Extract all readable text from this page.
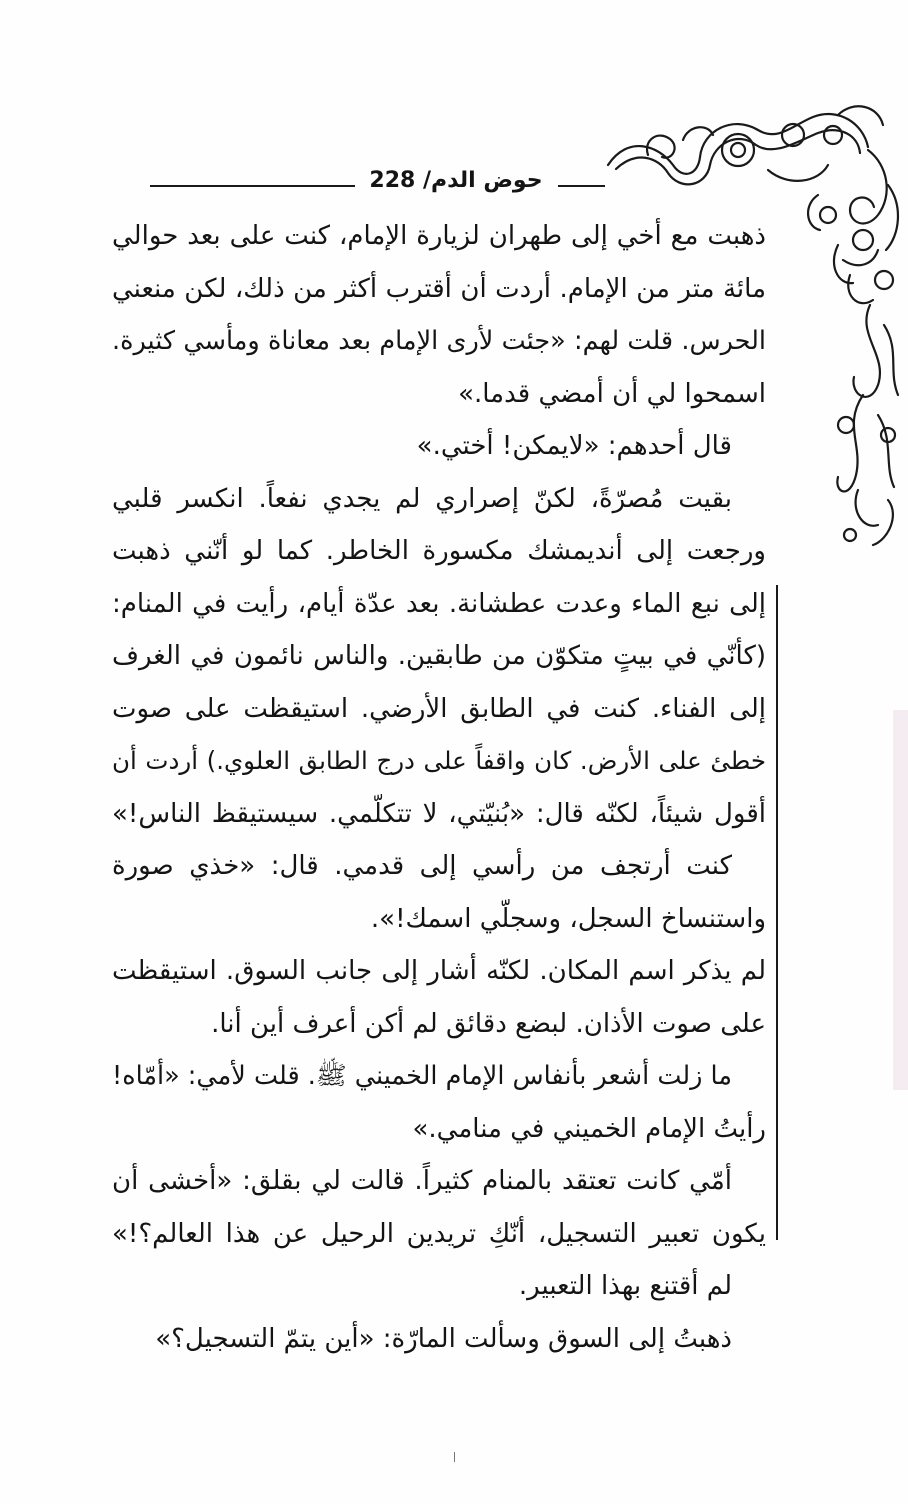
حوض الدم/ 228
ذهبت مع أخي إلى طهران لزيارة الإمام، كنت على بعد حوالي
مائة متر من الإمام. أردت أن أقترب أكثر من ذلك، لكن منعني
الحرس. قلت لهم: «جئت لأرى الإمام بعد معاناة ومأسي كثيرة.
اسمحوا لي أن أمضي قدما.»
قال أحدهم: «لايمكن! أختي.»
بقيت مُصرّةً، لكنّ إصراري لم يجدي نفعاً. انكسر قلبي
ورجعت إلى أنديمشك مكسورة الخاطر. كما لو أنّني ذهبت
إلى نبع الماء وعدت عطشانة. بعد عدّة أيام، رأيت في المنام:
(كأنّي في بيتٍ متكوّن من طابقين. والناس نائمون في الغرف
إلى الفناء. كنت في الطابق الأرضي. استيقظت على صوت
خطئ على الأرض. كان واقفاً على درج الطابق العلوي.) أردت أن
أقول شيئاً، لكنّه قال: «بُنيّتي، لا تتكلّمي. سيستيقظ الناس!»
كنت أرتجف من رأسي إلى قدمي. قال: «خذي صورة
واستنساخ السجل، وسجلّي اسمك!».
لم يذكر اسم المكان. لكنّه أشار إلى جانب السوق. استيقظت
على صوت الأذان. لبضع دقائق لم أكن أعرف أين أنا.
ما زلت أشعر بأنفاس الإمام الخميني ﷺ. قلت لأمي: «أمّاه!
رأيتُ الإمام الخميني في منامي.»
أمّي كانت تعتقد بالمنام كثيراً. قالت لي بقلق: «أخشى أن
يكون تعبير التسجيل، أنّكِ تريدين الرحيل عن هذا العالم؟!»
لم أقتنع بهذا التعبير.
ذهبتُ إلى السوق وسألت المارّة: «أين يتمّ التسجيل؟»
